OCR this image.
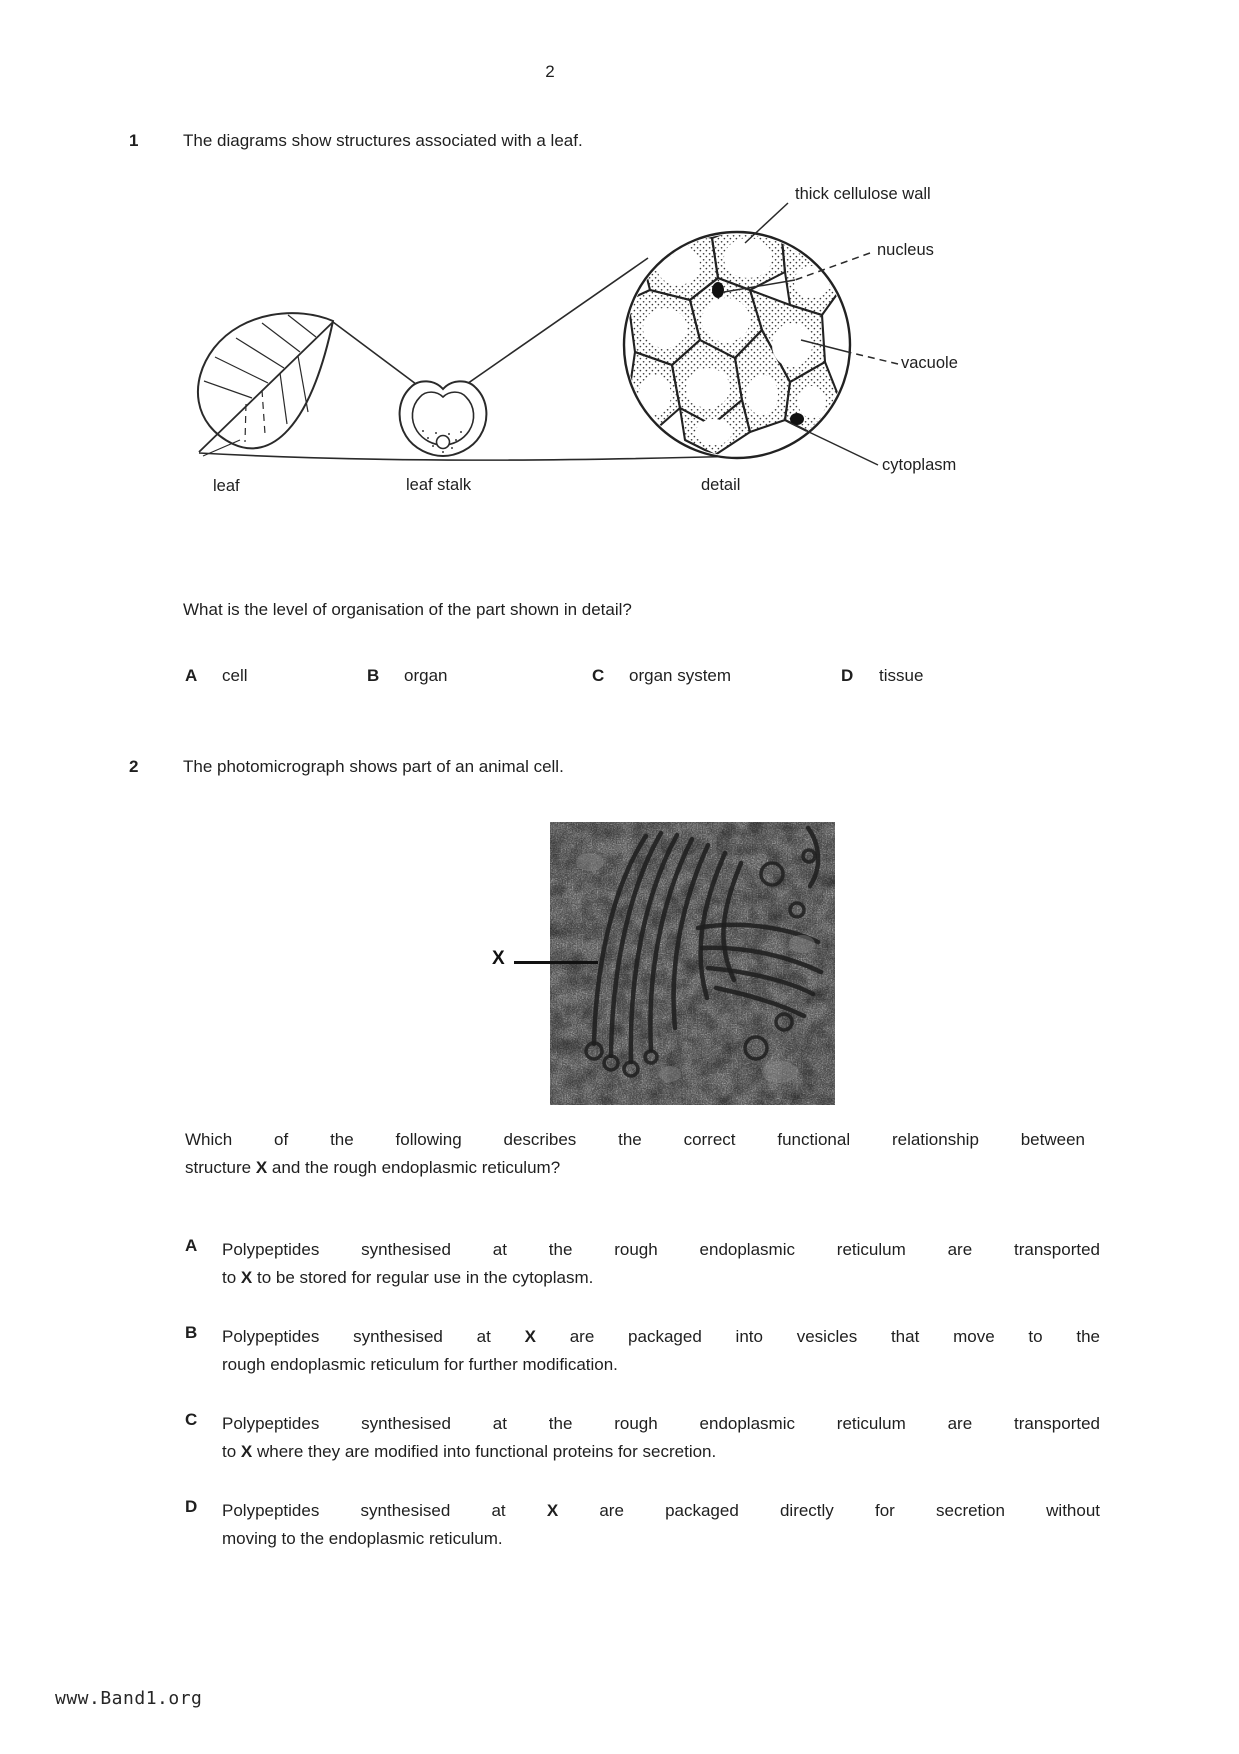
2
1	The diagrams show structures associated with a leaf.
thick cellulose wall
nucleus
vacuole
cytoplasm
leaf	leaf stalk	detail
What is the level of organisation of the part shown in detail?
A cell	B organ	C organ system	D tissue
2	The photomicrograph shows part of an animal cell.
X
Which of the following describes the correct functional relationship between
structure X and the rough endoplasmic reticulum?
A Polypeptides synthesised at the rough endoplasmic reticulum are transported
to X to be stored for regular use in the cytoplasm.
B Polypeptides synthesised at X are packaged into vesicles that move to the
rough endoplasmic reticulum for further modification.
C Polypeptides synthesised at the rough endoplasmic reticulum are transported
to X where they are modified into functional proteins for secretion.
D Polypeptides synthesised at X are packaged directly for secretion without
moving to the endoplasmic reticulum.
www.Band1.org
